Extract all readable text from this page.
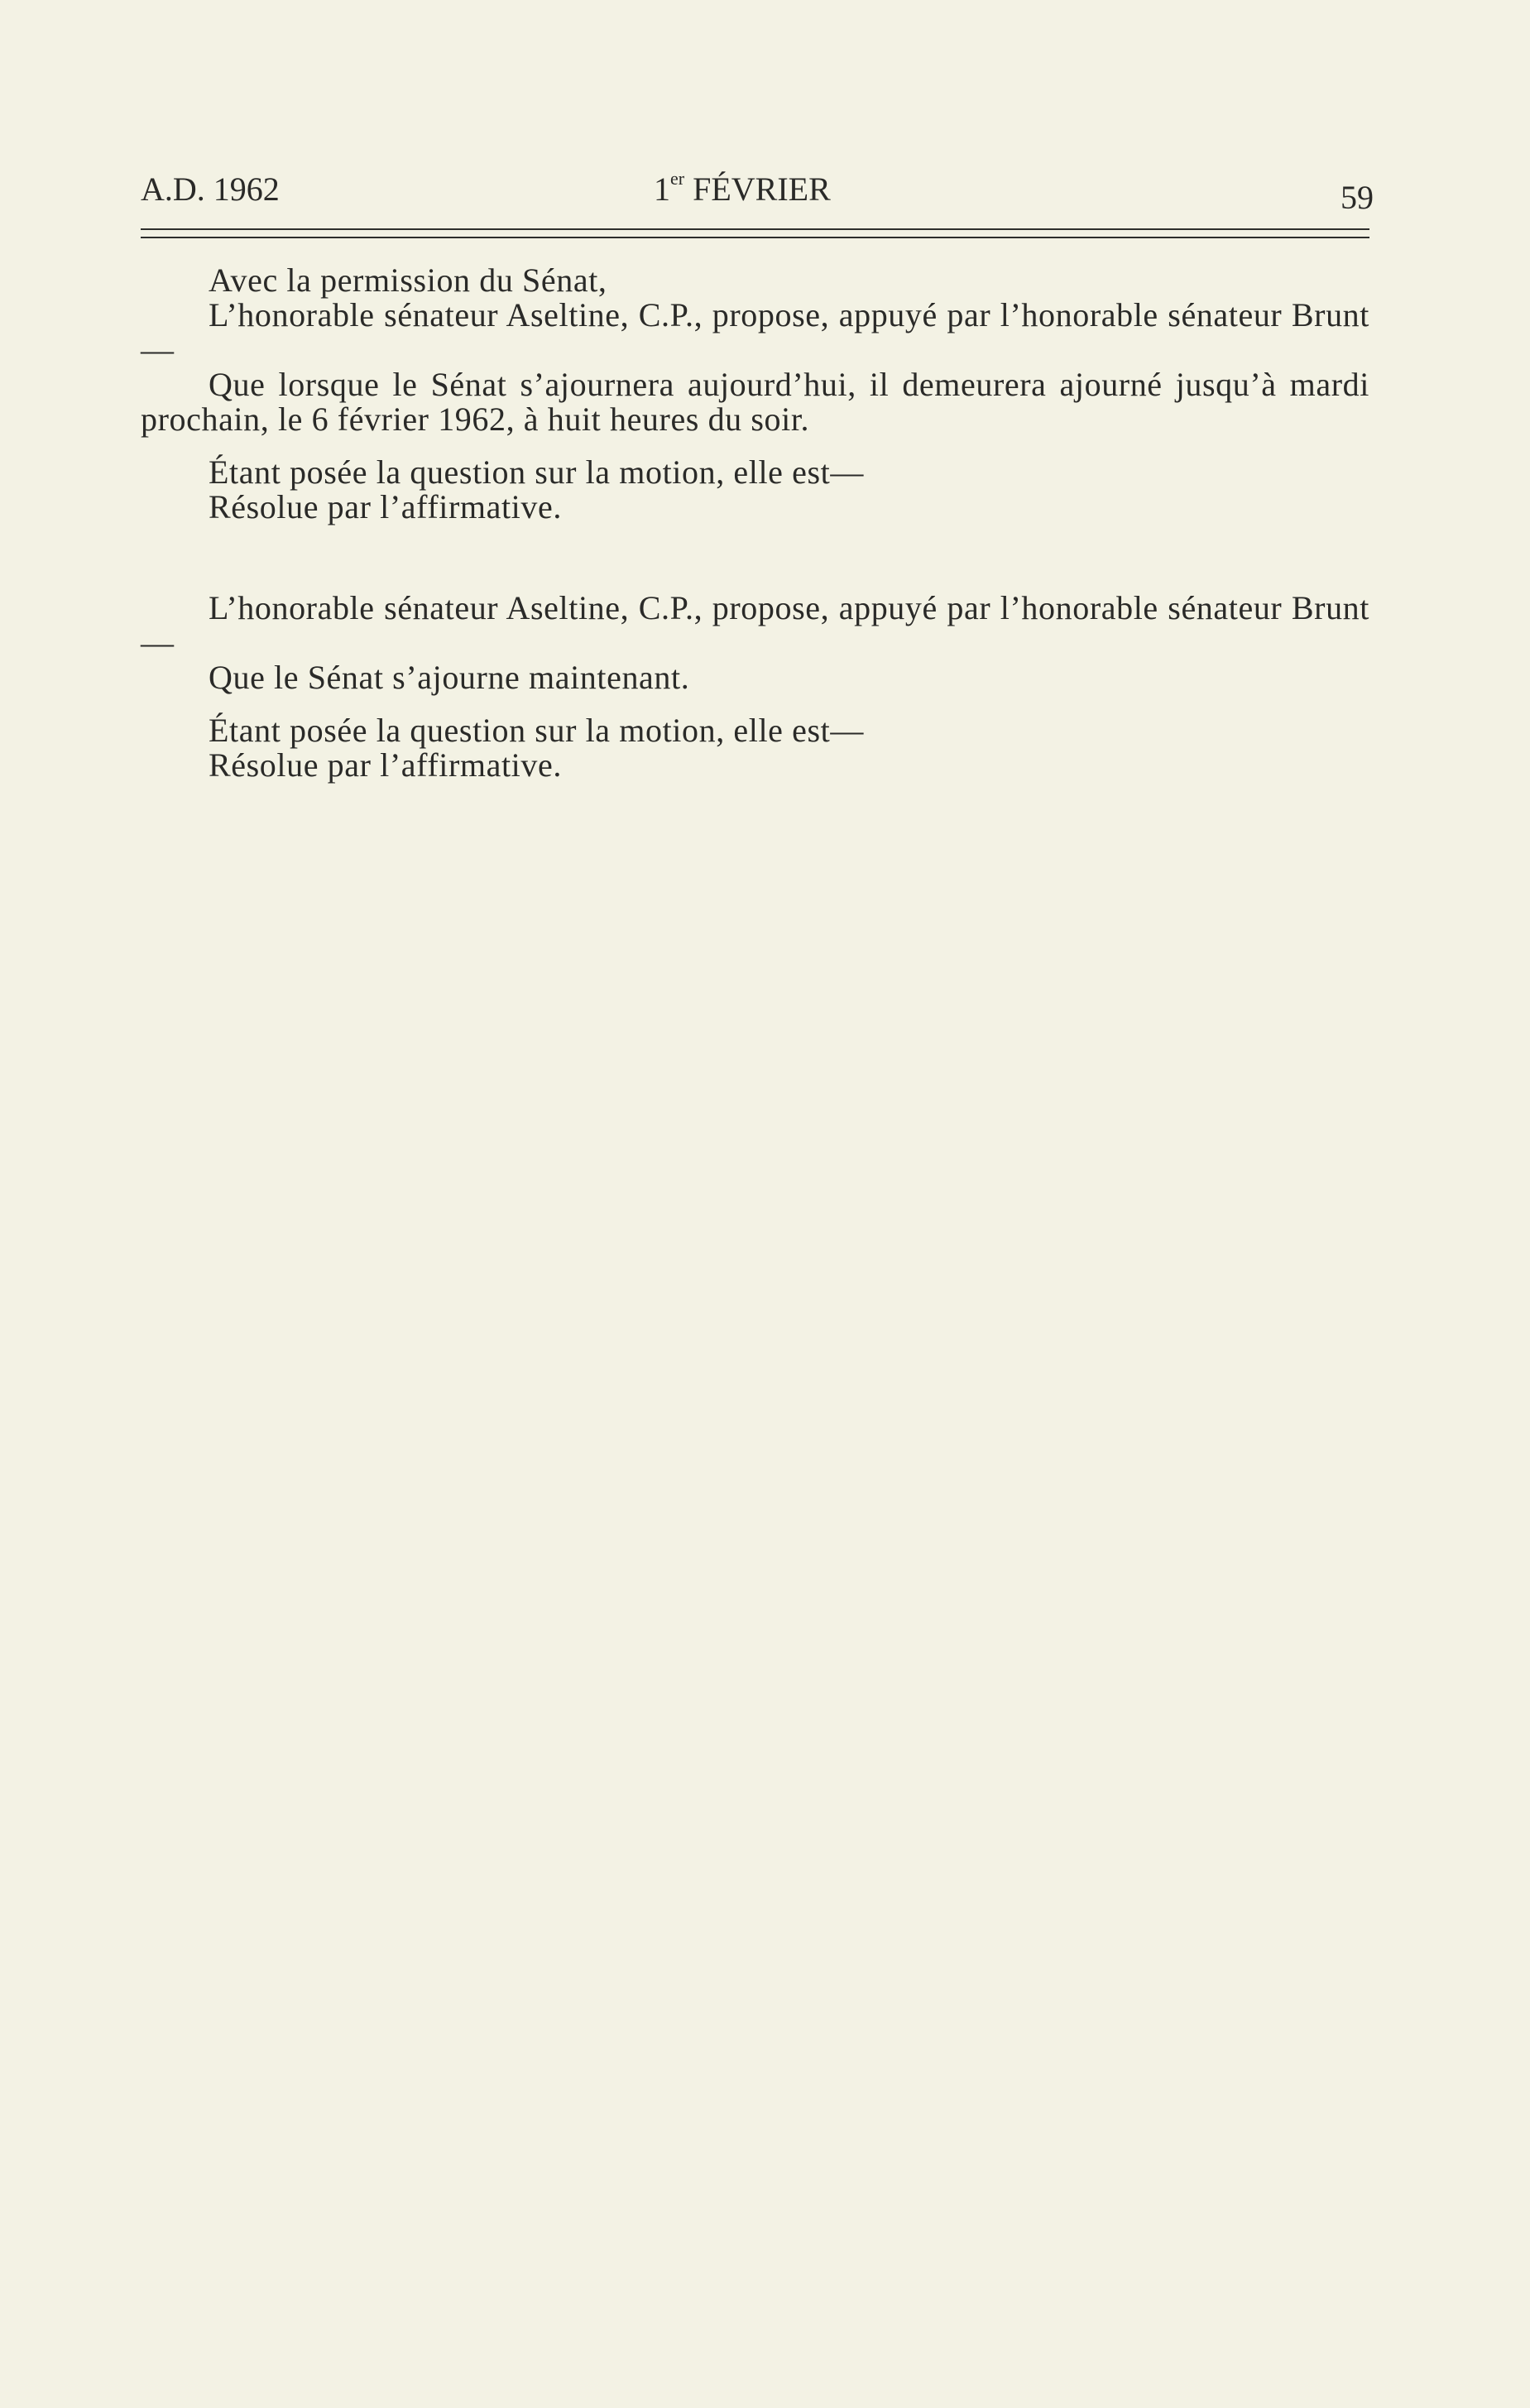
A.D. 1962	1er FÉVRIER	59

Avec la permission du Sénat,

L’honorable sénateur Aseltine, C.P., propose, appuyé par l’honorable sénateur Brunt—

Que lorsque le Sénat s’ajournera aujourd’hui, il demeurera ajourné jusqu’à mardi prochain, le 6 février 1962, à huit heures du soir.

Étant posée la question sur la motion, elle est—

Résolue par l’affirmative.

L’honorable sénateur Aseltine, C.P., propose, appuyé par l’honorable sénateur Brunt—

Que le Sénat s’ajourne maintenant.

Étant posée la question sur la motion, elle est—

Résolue par l’affirmative.
